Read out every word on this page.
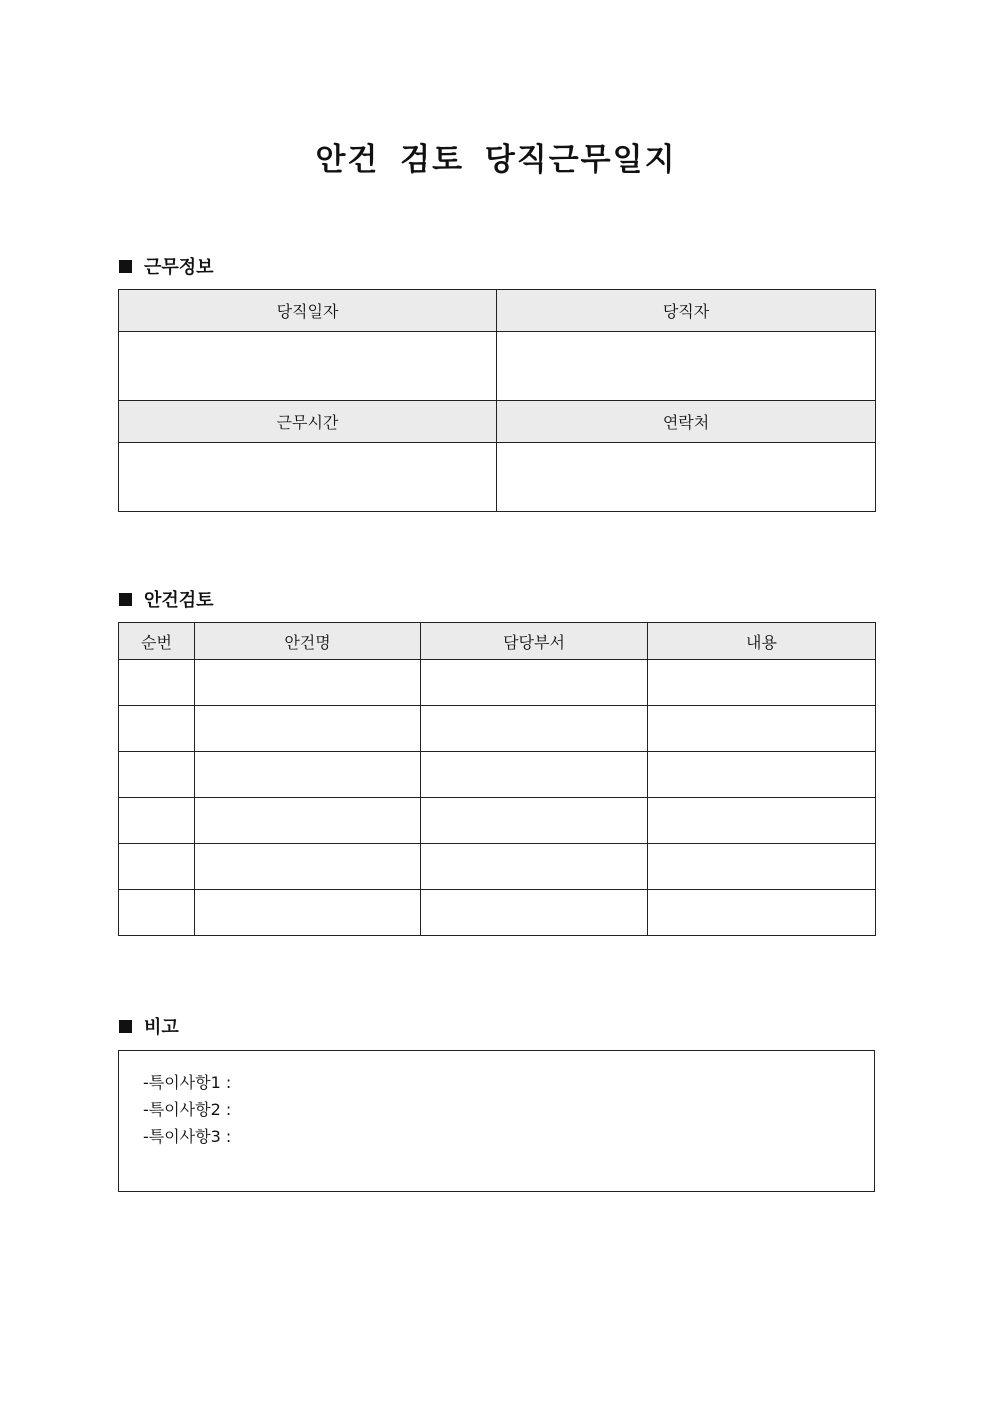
안건 검토 당직근무일지
근무정보
당직일자	당직자

근무시간	연락처

안건검토
순번	안건명	담당부서	내용

비고
-특이사항1 :
-특이사항2 :
-특이사항3 :
